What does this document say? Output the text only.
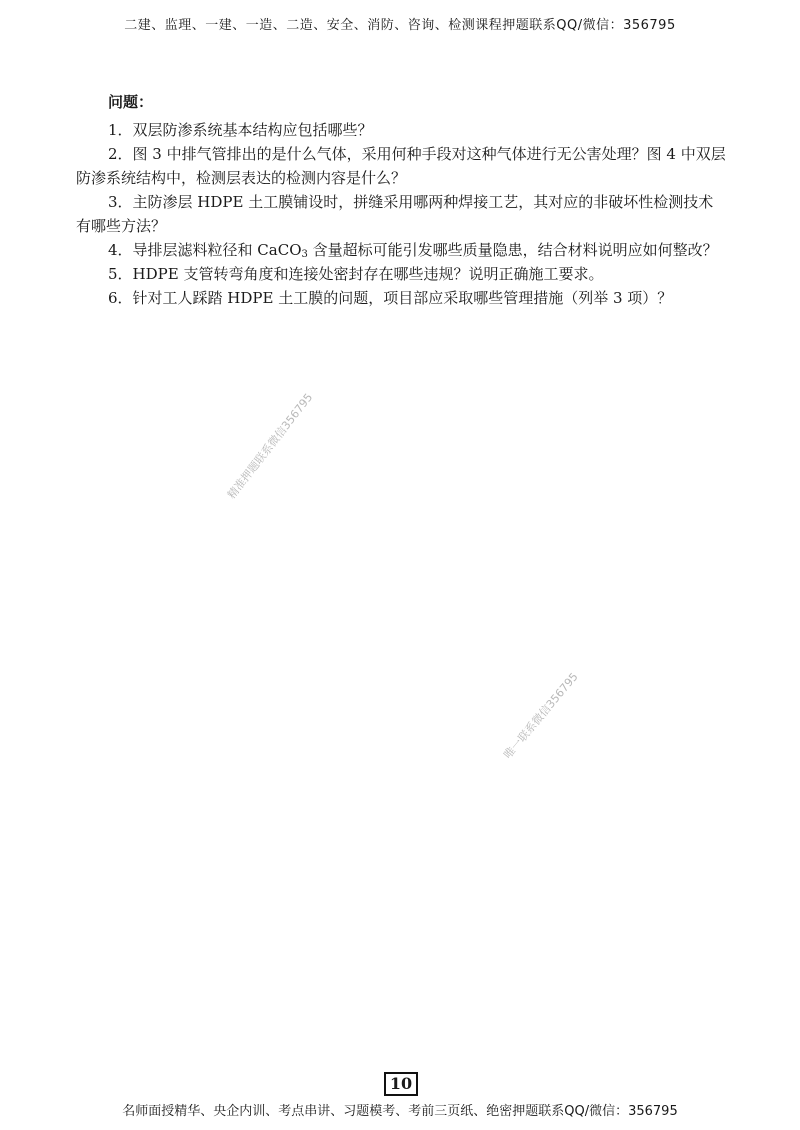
二建、监理、一建、一造、二造、安全、消防、咨询、检测课程押题联系QQ/微信：356795

问题：

1．双层防渗系统基本结构应包括哪些？

2．图 3 中排气管排出的是什么气体，采用何种手段对这种气体进行无公害处理？图 4 中双层防渗系统结构中，检测层表达的检测内容是什么？

3．主防渗层 HDPE 土工膜铺设时，拼缝采用哪两种焊接工艺，其对应的非破坏性检测技术有哪些方法？

4．导排层滤料粒径和 CaCO$_3$ 含量超标可能引发哪些质量隐患，结合材料说明应如何整改？

5．HDPE 支管转弯角度和连接处密封存在哪些违规？说明正确施工要求。

6．针对工人踩踏 HDPE 土工膜的问题，项目部应采取哪些管理措施（列举 3 项）？

精准押题联系微信356795
唯一联系微信356795
10
名师面授精华、央企内训、考点串讲、习题模考、考前三页纸、绝密押题联系QQ/微信：356795
